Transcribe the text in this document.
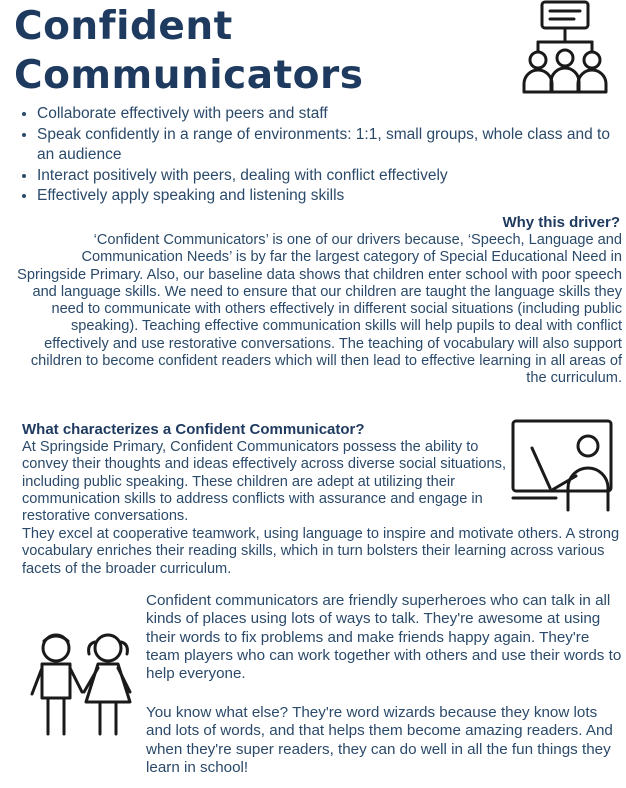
Confident
Communicators
• Collaborate effectively with peers and staff
• Speak confidently in a range of environments: 1:1, small groups, whole class and to an audience
• Interact positively with peers, dealing with conflict effectively
• Effectively apply speaking and listening skills
Why this driver?

‘Confident Communicators’ is one of our drivers because, ‘Speech, Language and Communication Needs’ is by far the largest category of Special Educational Need in Springside Primary. Also, our baseline data shows that children enter school with poor speech and language skills. We need to ensure that our children are taught the language skills they need to communicate with others effectively in different social situations (including public speaking). Teaching effective communication skills will help pupils to deal with conflict effectively and use restorative conversations. The teaching of vocabulary will also support children to become confident readers which will then lead to effective learning in all areas of the curriculum.

What characterizes a Confident Communicator?

At Springside Primary, Confident Communicators possess the ability to convey their thoughts and ideas effectively across diverse social situations, including public speaking. These children are adept at utilizing their communication skills to address conflicts with assurance and engage in restorative conversations.

They excel at cooperative teamwork, using language to inspire and motivate others. A strong vocabulary enriches their reading skills, which in turn bolsters their learning across various facets of the broader curriculum.

Confident communicators are friendly superheroes who can talk in all kinds of places using lots of ways to talk. They're awesome at using their words to fix problems and make friends happy again. They're team players who can work together with others and use their words to help everyone.

You know what else? They're word wizards because they know lots and lots of words, and that helps them become amazing readers. And when they're super readers, they can do well in all the fun things they learn in school!
